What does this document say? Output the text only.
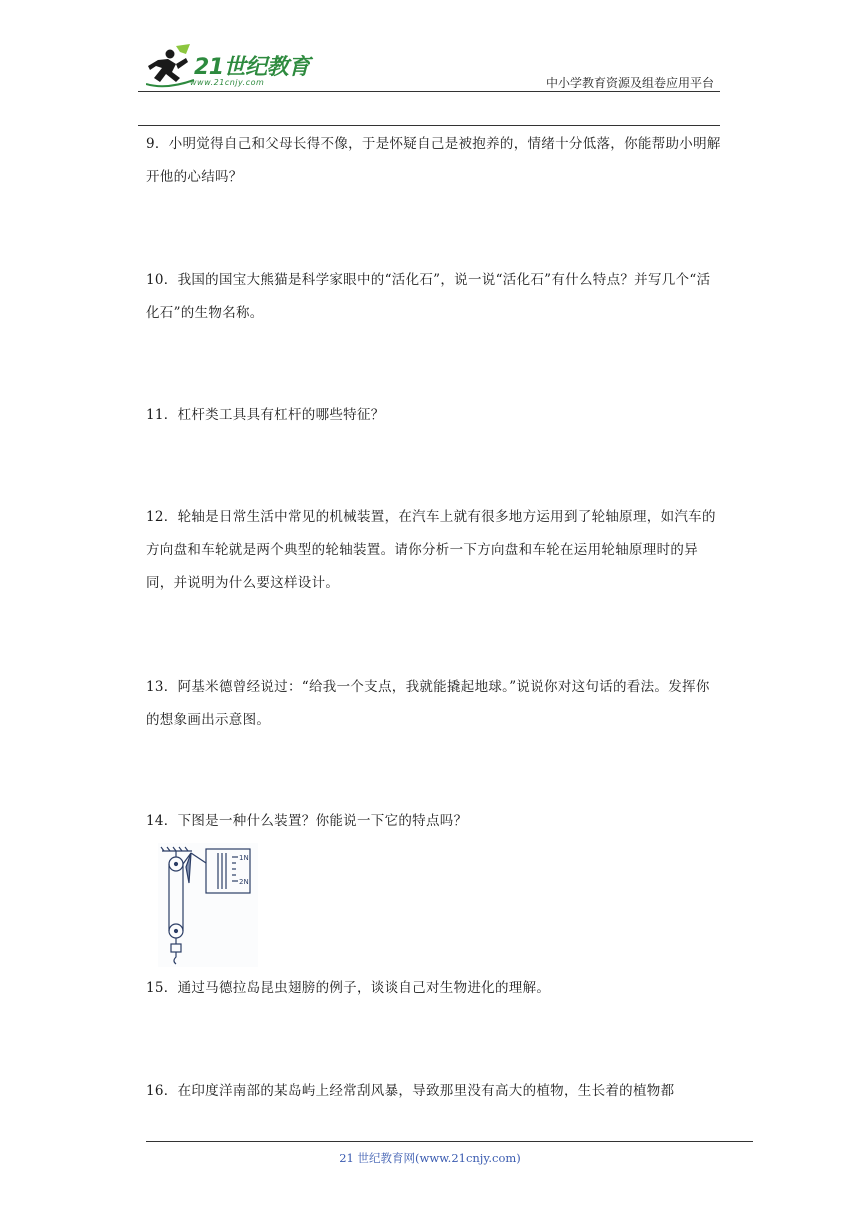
21世纪教育
www.21cnjy.com	中小学教育资源及组卷应用平台
9．小明觉得自己和父母长得不像，于是怀疑自己是被抱养的，情绪十分低落，你能帮助小明解开他的心结吗？
10．我国的国宝大熊猫是科学家眼中的“活化石”，说一说“活化石”有什么特点？并写几个“活化石”的生物名称。
11．杠杆类工具具有杠杆的哪些特征？
12．轮轴是日常生活中常见的机械装置，在汽车上就有很多地方运用到了轮轴原理，如汽车的方向盘和车轮就是两个典型的轮轴装置。请你分析一下方向盘和车轮在运用轮轴原理时的异同，并说明为什么要这样设计。
13．阿基米德曾经说过：“给我一个支点，我就能撬起地球。”说说你对这句话的看法。发挥你的想象画出示意图。
14．下图是一种什么装置？你能说一下它的特点吗？
1N
2N
15．通过马德拉岛昆虫翅膀的例子，谈谈自己对生物进化的理解。
16．在印度洋南部的某岛屿上经常刮风暴，导致那里没有高大的植物，生长着的植物都
21 世纪教育网(www.21cnjy.com)
